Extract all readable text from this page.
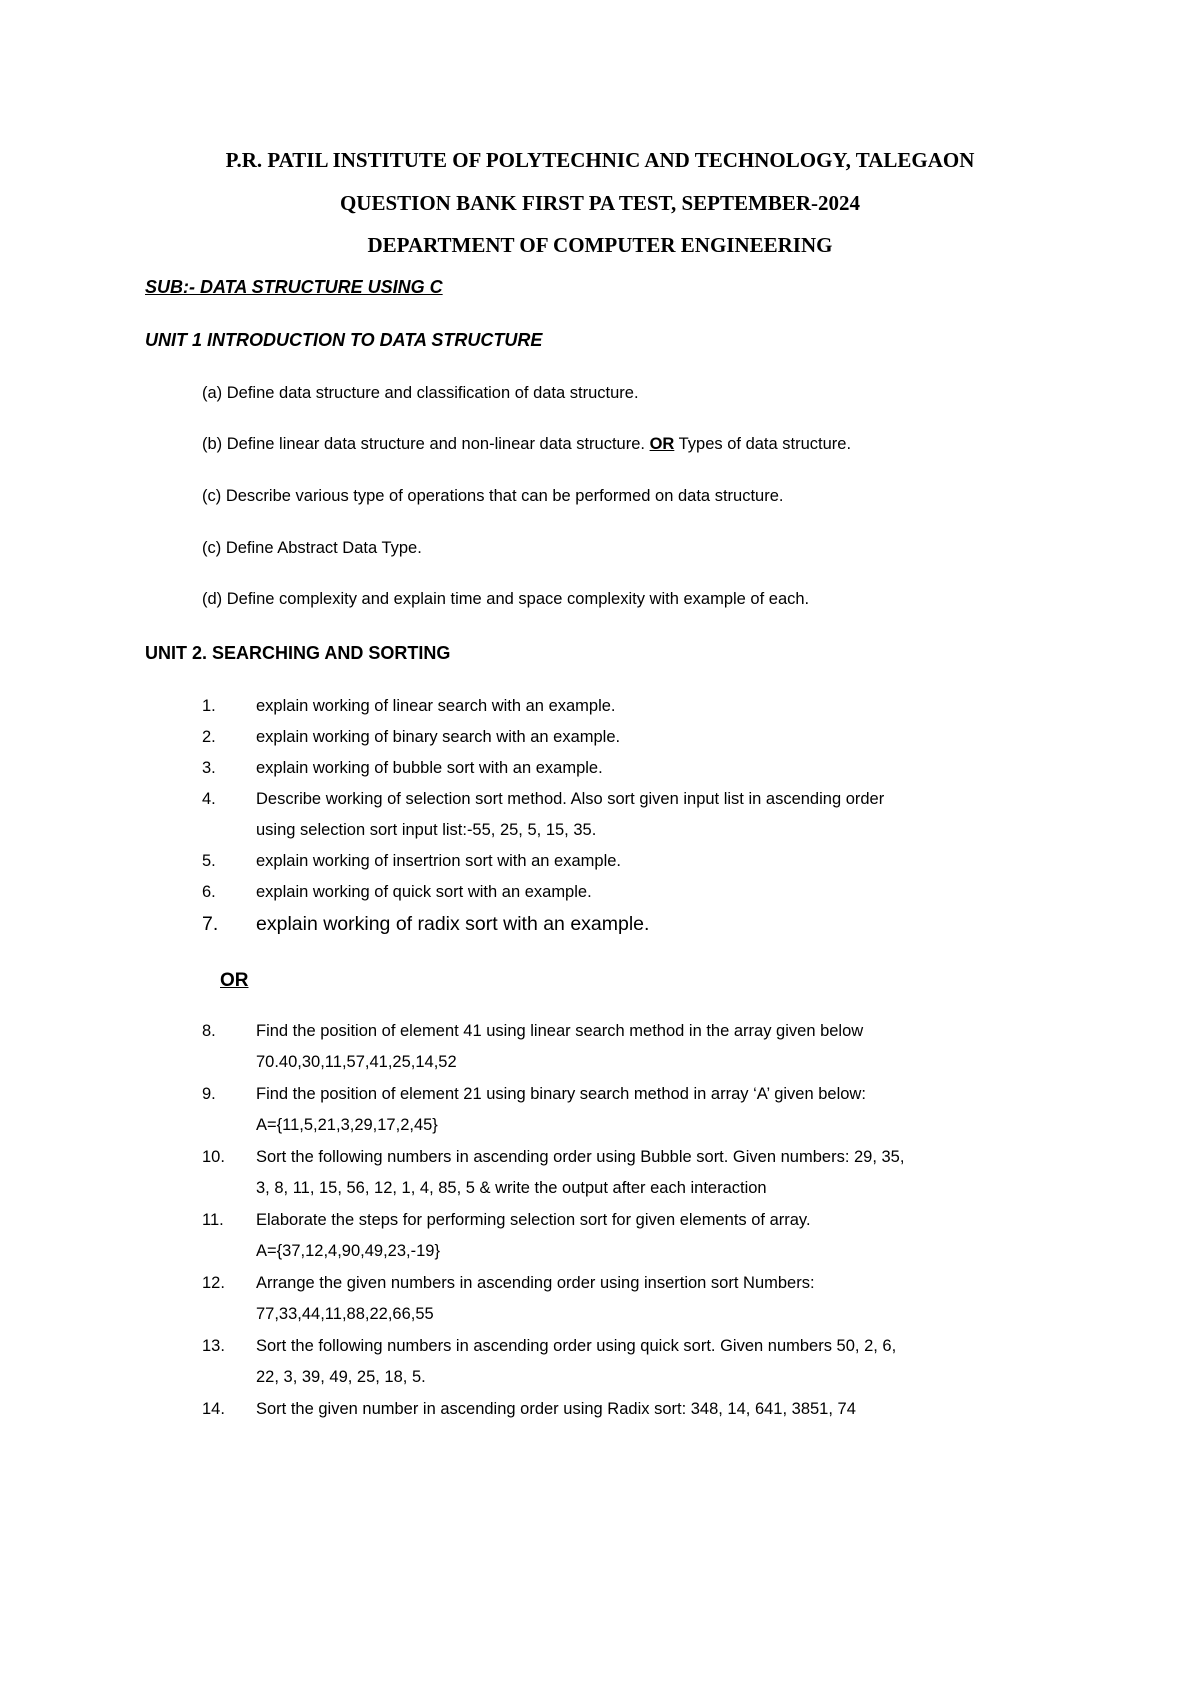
P.R. PATIL INSTITUTE OF POLYTECHNIC AND TECHNOLOGY, TALEGAON
QUESTION BANK FIRST PA TEST, SEPTEMBER-2024
DEPARTMENT OF COMPUTER ENGINEERING
SUB:- DATA STRUCTURE USING C
UNIT 1 INTRODUCTION TO DATA STRUCTURE
(a) Define data structure and classification of data structure.
(b) Define linear data structure and non-linear data structure. OR Types of data structure.
(c) Describe various type of operations that can be performed on data structure.
(c) Define Abstract Data Type.
(d) Define complexity and explain time and space complexity with example of each.
UNIT 2. SEARCHING AND SORTING
1.	explain working of linear search with an example.
2.	explain working of binary search with an example.
3.	explain working of bubble sort with an example.
4.	Describe working of selection sort method. Also sort given input list in ascending order
using selection sort input list:-55, 25, 5, 15, 35.
5.	explain working of insertrion sort with an example.
6.	explain working of quick sort with an example.
7.	explain working of radix sort with an example.
OR
8.	Find the position of element 41 using linear search method in the array given below
70.40,30,11,57,41,25,14,52
9.	Find the position of element 21 using binary search method in array ‘A’ given below:
A={11,5,21,3,29,17,2,45}
10.	Sort the following numbers in ascending order using Bubble sort. Given numbers: 29, 35,
3, 8, 11, 15, 56, 12, 1, 4, 85, 5 & write the output after each interaction
11.	Elaborate the steps for performing selection sort for given elements of array.
A={37,12,4,90,49,23,-19}
12.	Arrange the given numbers in ascending order using insertion sort Numbers:
77,33,44,11,88,22,66,55
13.	Sort the following numbers in ascending order using quick sort. Given numbers 50, 2, 6,
22, 3, 39, 49, 25, 18, 5.
14.	Sort the given number in ascending order using Radix sort: 348, 14, 641, 3851, 74
